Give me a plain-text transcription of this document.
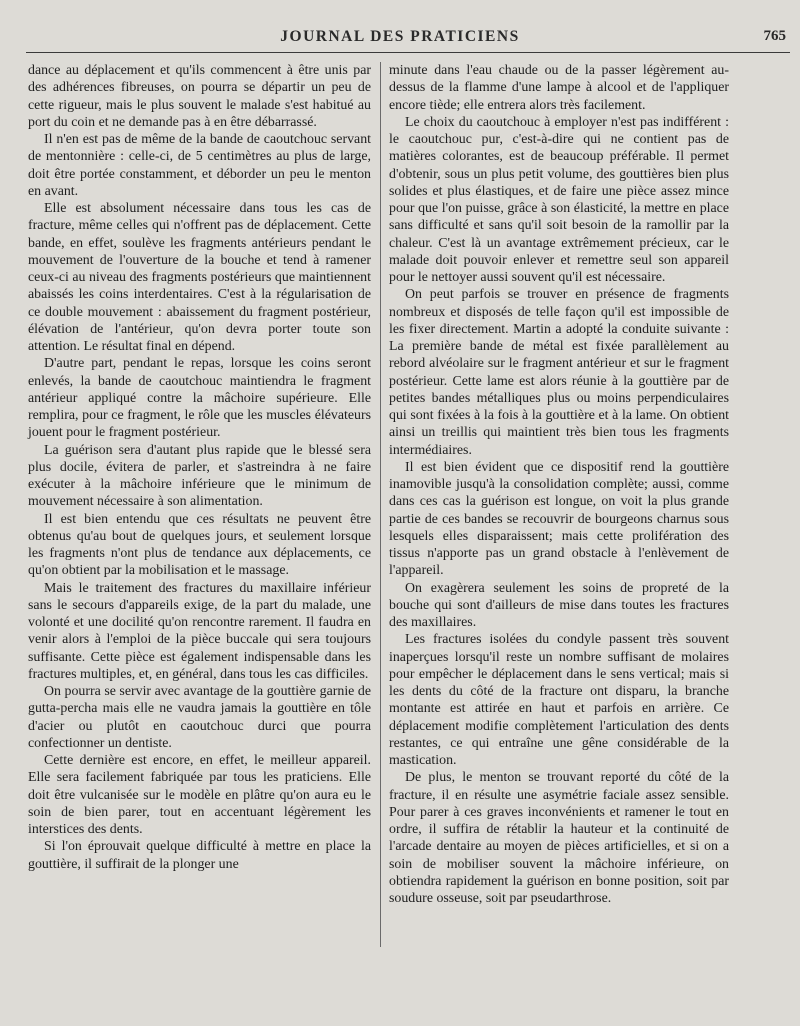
JOURNAL DES PRATICIENS	765

dance au déplacement et qu'ils commencent à être unis par des adhérences fibreuses, on pourra se départir un peu de cette rigueur, mais le plus souvent le malade s'est habitué au port du coin et ne demande pas à en être débarrassé.

Il n'en est pas de même de la bande de caoutchouc servant de mentonnière : celle-ci, de 5 centimètres au plus de large, doit être portée constamment, et déborder un peu le menton en avant.

Elle est absolument nécessaire dans tous les cas de fracture, même celles qui n'offrent pas de déplacement. Cette bande, en effet, soulève les fragments antérieurs pendant le mouvement de l'ouverture de la bouche et tend à ramener ceux-ci au niveau des fragments postérieurs que maintiennent abaissés les coins interdentaires. C'est à la régularisation de ce double mouvement : abaissement du fragment postérieur, élévation de l'antérieur, qu'on devra porter toute son attention. Le résultat final en dépend.

D'autre part, pendant le repas, lorsque les coins seront enlevés, la bande de caoutchouc maintiendra le fragment antérieur appliqué contre la mâchoire supérieure. Elle remplira, pour ce fragment, le rôle que les muscles élévateurs jouent pour le fragment postérieur.

La guérison sera d'autant plus rapide que le blessé sera plus docile, évitera de parler, et s'astreindra à ne faire exécuter à la mâchoire inférieure que le minimum de mouvement nécessaire à son alimentation.

Il est bien entendu que ces résultats ne peuvent être obtenus qu'au bout de quelques jours, et seulement lorsque les fragments n'ont plus de tendance aux déplacements, ce qu'on obtient par la mobilisation et le massage.

Mais le traitement des fractures du maxillaire inférieur sans le secours d'appareils exige, de la part du malade, une volonté et une docilité qu'on rencontre rarement. Il faudra en venir alors à l'emploi de la pièce buccale qui sera toujours suffisante. Cette pièce est également indispensable dans les fractures multiples, et, en général, dans tous les cas difficiles.

On pourra se servir avec avantage de la gouttière garnie de gutta-percha mais elle ne vaudra jamais la gouttière en tôle d'acier ou plutôt en caoutchouc durci que pourra confectionner un dentiste.

Cette dernière est encore, en effet, le meilleur appareil. Elle sera facilement fabriquée par tous les praticiens. Elle doit être vulcanisée sur le modèle en plâtre qu'on aura eu le soin de bien parer, tout en accentuant légèrement les interstices des dents.

Si l'on éprouvait quelque difficulté à mettre en place la gouttière, il suffirait de la plonger une

minute dans l'eau chaude ou de la passer légèrement au-dessus de la flamme d'une lampe à alcool et de l'appliquer encore tiède; elle entrera alors très facilement.

Le choix du caoutchouc à employer n'est pas indifférent : le caoutchouc pur, c'est-à-dire qui ne contient pas de matières colorantes, est de beaucoup préférable. Il permet d'obtenir, sous un plus petit volume, des gouttières bien plus solides et plus élastiques, et de faire une pièce assez mince pour que l'on puisse, grâce à son élasticité, la mettre en place sans difficulté et sans qu'il soit besoin de la ramollir par la chaleur. C'est là un avantage extrêmement précieux, car le malade doit pouvoir enlever et remettre seul son appareil pour le nettoyer aussi souvent qu'il est nécessaire.

On peut parfois se trouver en présence de fragments nombreux et disposés de telle façon qu'il est impossible de les fixer directement. Martin a adopté la conduite suivante : La première bande de métal est fixée parallèlement au rebord alvéolaire sur le fragment antérieur et sur le fragment postérieur. Cette lame est alors réunie à la gouttière par de petites bandes métalliques plus ou moins perpendiculaires qui sont fixées à la fois à la gouttière et à la lame. On obtient ainsi un treillis qui maintient très bien tous les fragments intermédiaires.

Il est bien évident que ce dispositif rend la gouttière inamovible jusqu'à la consolidation complète; aussi, comme dans ces cas la guérison est longue, on voit la plus grande partie de ces bandes se recouvrir de bourgeons charnus sous lesquels elles disparaissent; mais cette prolifération des tissus n'apporte pas un grand obstacle à l'enlèvement de l'appareil.

On exagèrera seulement les soins de propreté de la bouche qui sont d'ailleurs de mise dans toutes les fractures des maxillaires.

Les fractures isolées du condyle passent très souvent inaperçues lorsqu'il reste un nombre suffisant de molaires pour empêcher le déplacement dans le sens vertical; mais si les dents du côté de la fracture ont disparu, la branche montante est attirée en haut et parfois en arrière. Ce déplacement modifie complètement l'articulation des dents restantes, ce qui entraîne une gêne considérable de la mastication.

De plus, le menton se trouvant reporté du côté de la fracture, il en résulte une asymétrie faciale assez sensible. Pour parer à ces graves inconvénients et ramener le tout en ordre, il suffira de rétablir la hauteur et la continuité de l'arcade dentaire au moyen de pièces artificielles, et si on a soin de mobiliser souvent la mâchoire inférieure, on obtiendra rapidement la guérison en bonne position, soit par soudure osseuse, soit par pseudarthrose.
